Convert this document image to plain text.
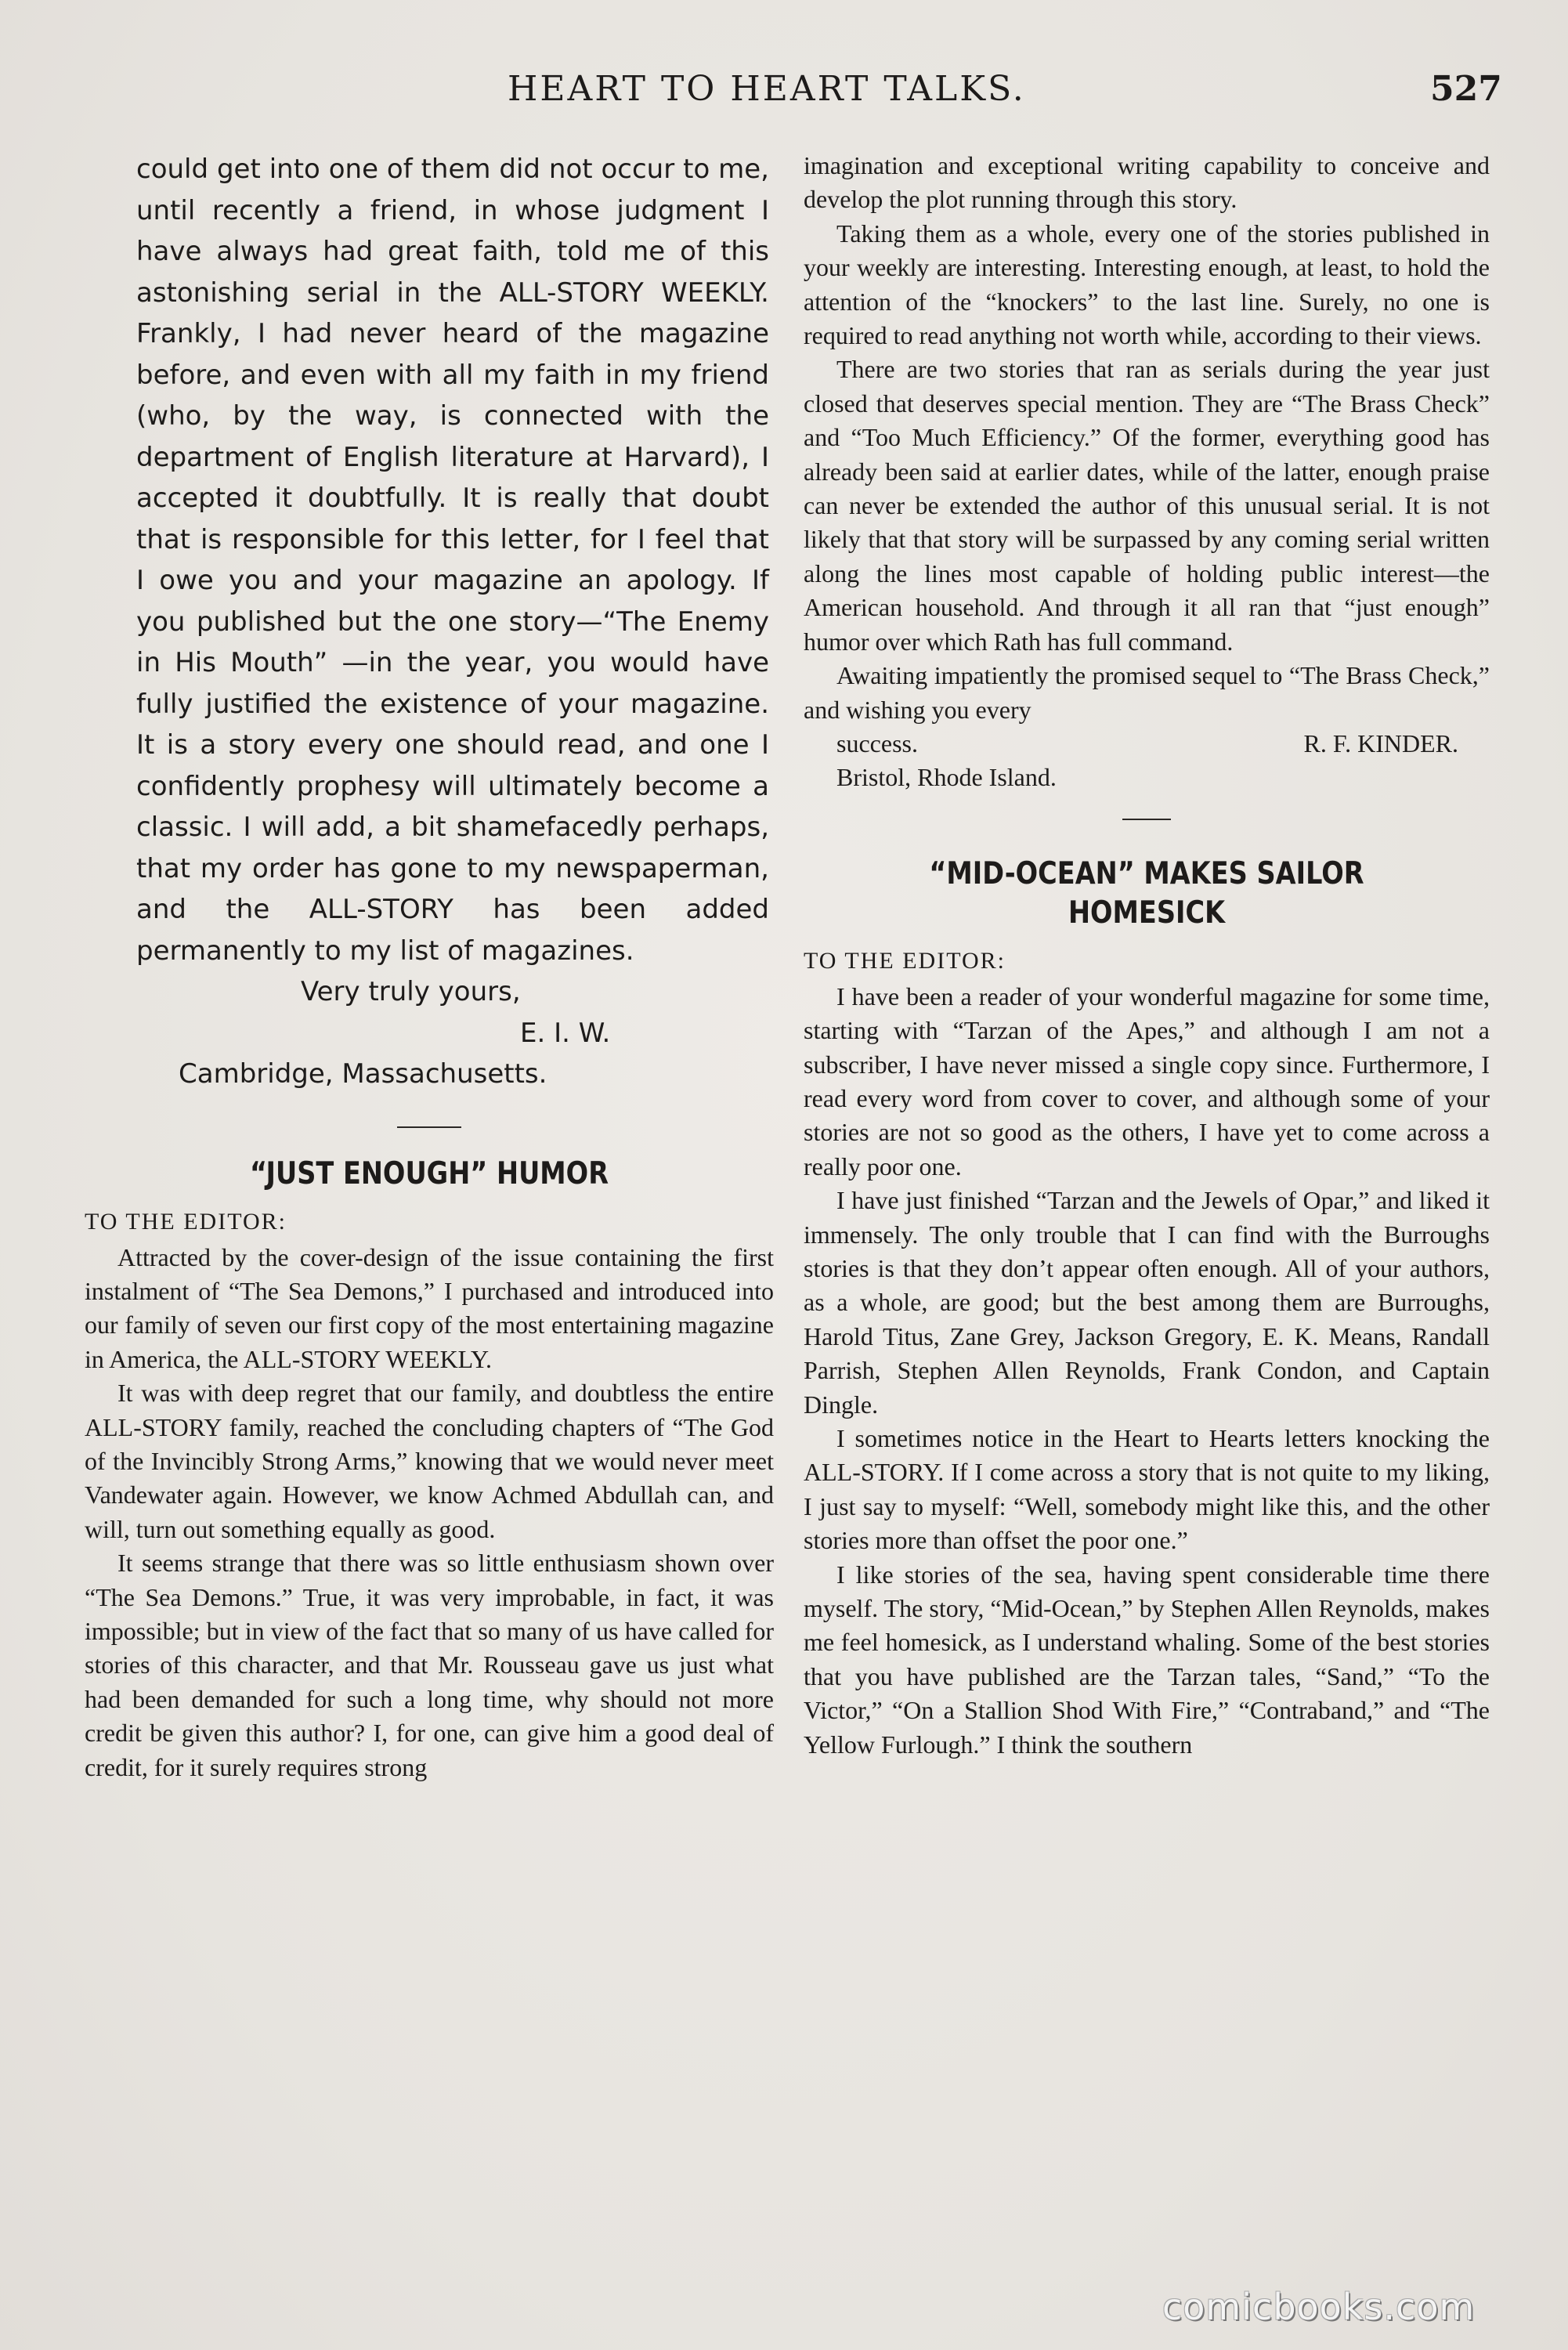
HEART TO HEART TALKS.	527

could get into one of them did not occur to me, until recently a friend, in whose judgment I have always had great faith, told me of this astonishing serial in the ALL-STORY WEEKLY. Frankly, I had never heard of the magazine before, and even with all my faith in my friend (who, by the way, is connected with the department of English literature at Harvard), I accepted it doubtfully. It is really that doubt that is responsible for this letter, for I feel that I owe you and your magazine an apology. If you published but the one story—“The Enemy in His Mouth” —in the year, you would have fully justified the existence of your magazine. It is a story every one should read, and one I confidently prophesy will ultimately become a classic. I will add, a bit shamefacedly perhaps, that my order has gone to my newspaperman, and the ALL-STORY has been added permanently to my list of magazines.

Very truly yours,

E. I. W.

Cambridge, Massachusetts.

“JUST ENOUGH” HUMOR
TO THE EDITOR:

Attracted by the cover-design of the issue containing the first instalment of “The Sea Demons,” I purchased and introduced into our family of seven our first copy of the most entertaining magazine in America, the ALL-STORY WEEKLY.

It was with deep regret that our family, and doubtless the entire ALL-STORY family, reached the concluding chapters of “The God of the Invincibly Strong Arms,” knowing that we would never meet Vandewater again. However, we know Achmed Abdullah can, and will, turn out something equally as good.

It seems strange that there was so little enthusiasm shown over “The Sea Demons.” True, it was very improbable, in fact, it was impossible; but in view of the fact that so many of us have called for stories of this character, and that Mr. Rousseau gave us just what had been demanded for such a long time, why should not more credit be given this author? I, for one, can give him a good deal of credit, for it surely requires strong

imagination and exceptional writing capability to conceive and develop the plot running through this story.

Taking them as a whole, every one of the stories published in your weekly are interesting. Interesting enough, at least, to hold the attention of the “knockers” to the last line. Surely, no one is required to read anything not worth while, according to their views.

There are two stories that ran as serials during the year just closed that deserves special mention. They are “The Brass Check” and “Too Much Efficiency.” Of the former, everything good has already been said at earlier dates, while of the latter, enough praise can never be extended the author of this unusual serial. It is not likely that that story will be surpassed by any coming serial written along the lines most capable of holding public interest—the American household. And through it all ran that “just enough” humor over which Rath has full command.

Awaiting impatiently the promised sequel to “The Brass Check,” and wishing you every

success.	R. F. KINDER.

Bristol, Rhode Island.

“MID-OCEAN” MAKES SAILOR HOMESICK
TO THE EDITOR:

I have been a reader of your wonderful magazine for some time, starting with “Tarzan of the Apes,” and although I am not a subscriber, I have never missed a single copy since. Furthermore, I read every word from cover to cover, and although some of your stories are not so good as the others, I have yet to come across a really poor one.

I have just finished “Tarzan and the Jewels of Opar,” and liked it immensely. The only trouble that I can find with the Burroughs stories is that they don’t appear often enough. All of your authors, as a whole, are good; but the best among them are Burroughs, Harold Titus, Zane Grey, Jackson Gregory, E. K. Means, Randall Parrish, Stephen Allen Reynolds, Frank Condon, and Captain Dingle.

I sometimes notice in the Heart to Hearts letters knocking the ALL-STORY. If I come across a story that is not quite to my liking, I just say to myself: “Well, somebody might like this, and the other stories more than offset the poor one.”

I like stories of the sea, having spent considerable time there myself. The story, “Mid-Ocean,” by Stephen Allen Reynolds, makes me feel homesick, as I understand whaling. Some of the best stories that you have published are the Tarzan tales, “Sand,” “To the Victor,” “On a Stallion Shod With Fire,” “Contraband,” and “The Yellow Furlough.” I think the southern

comicbooks.com
